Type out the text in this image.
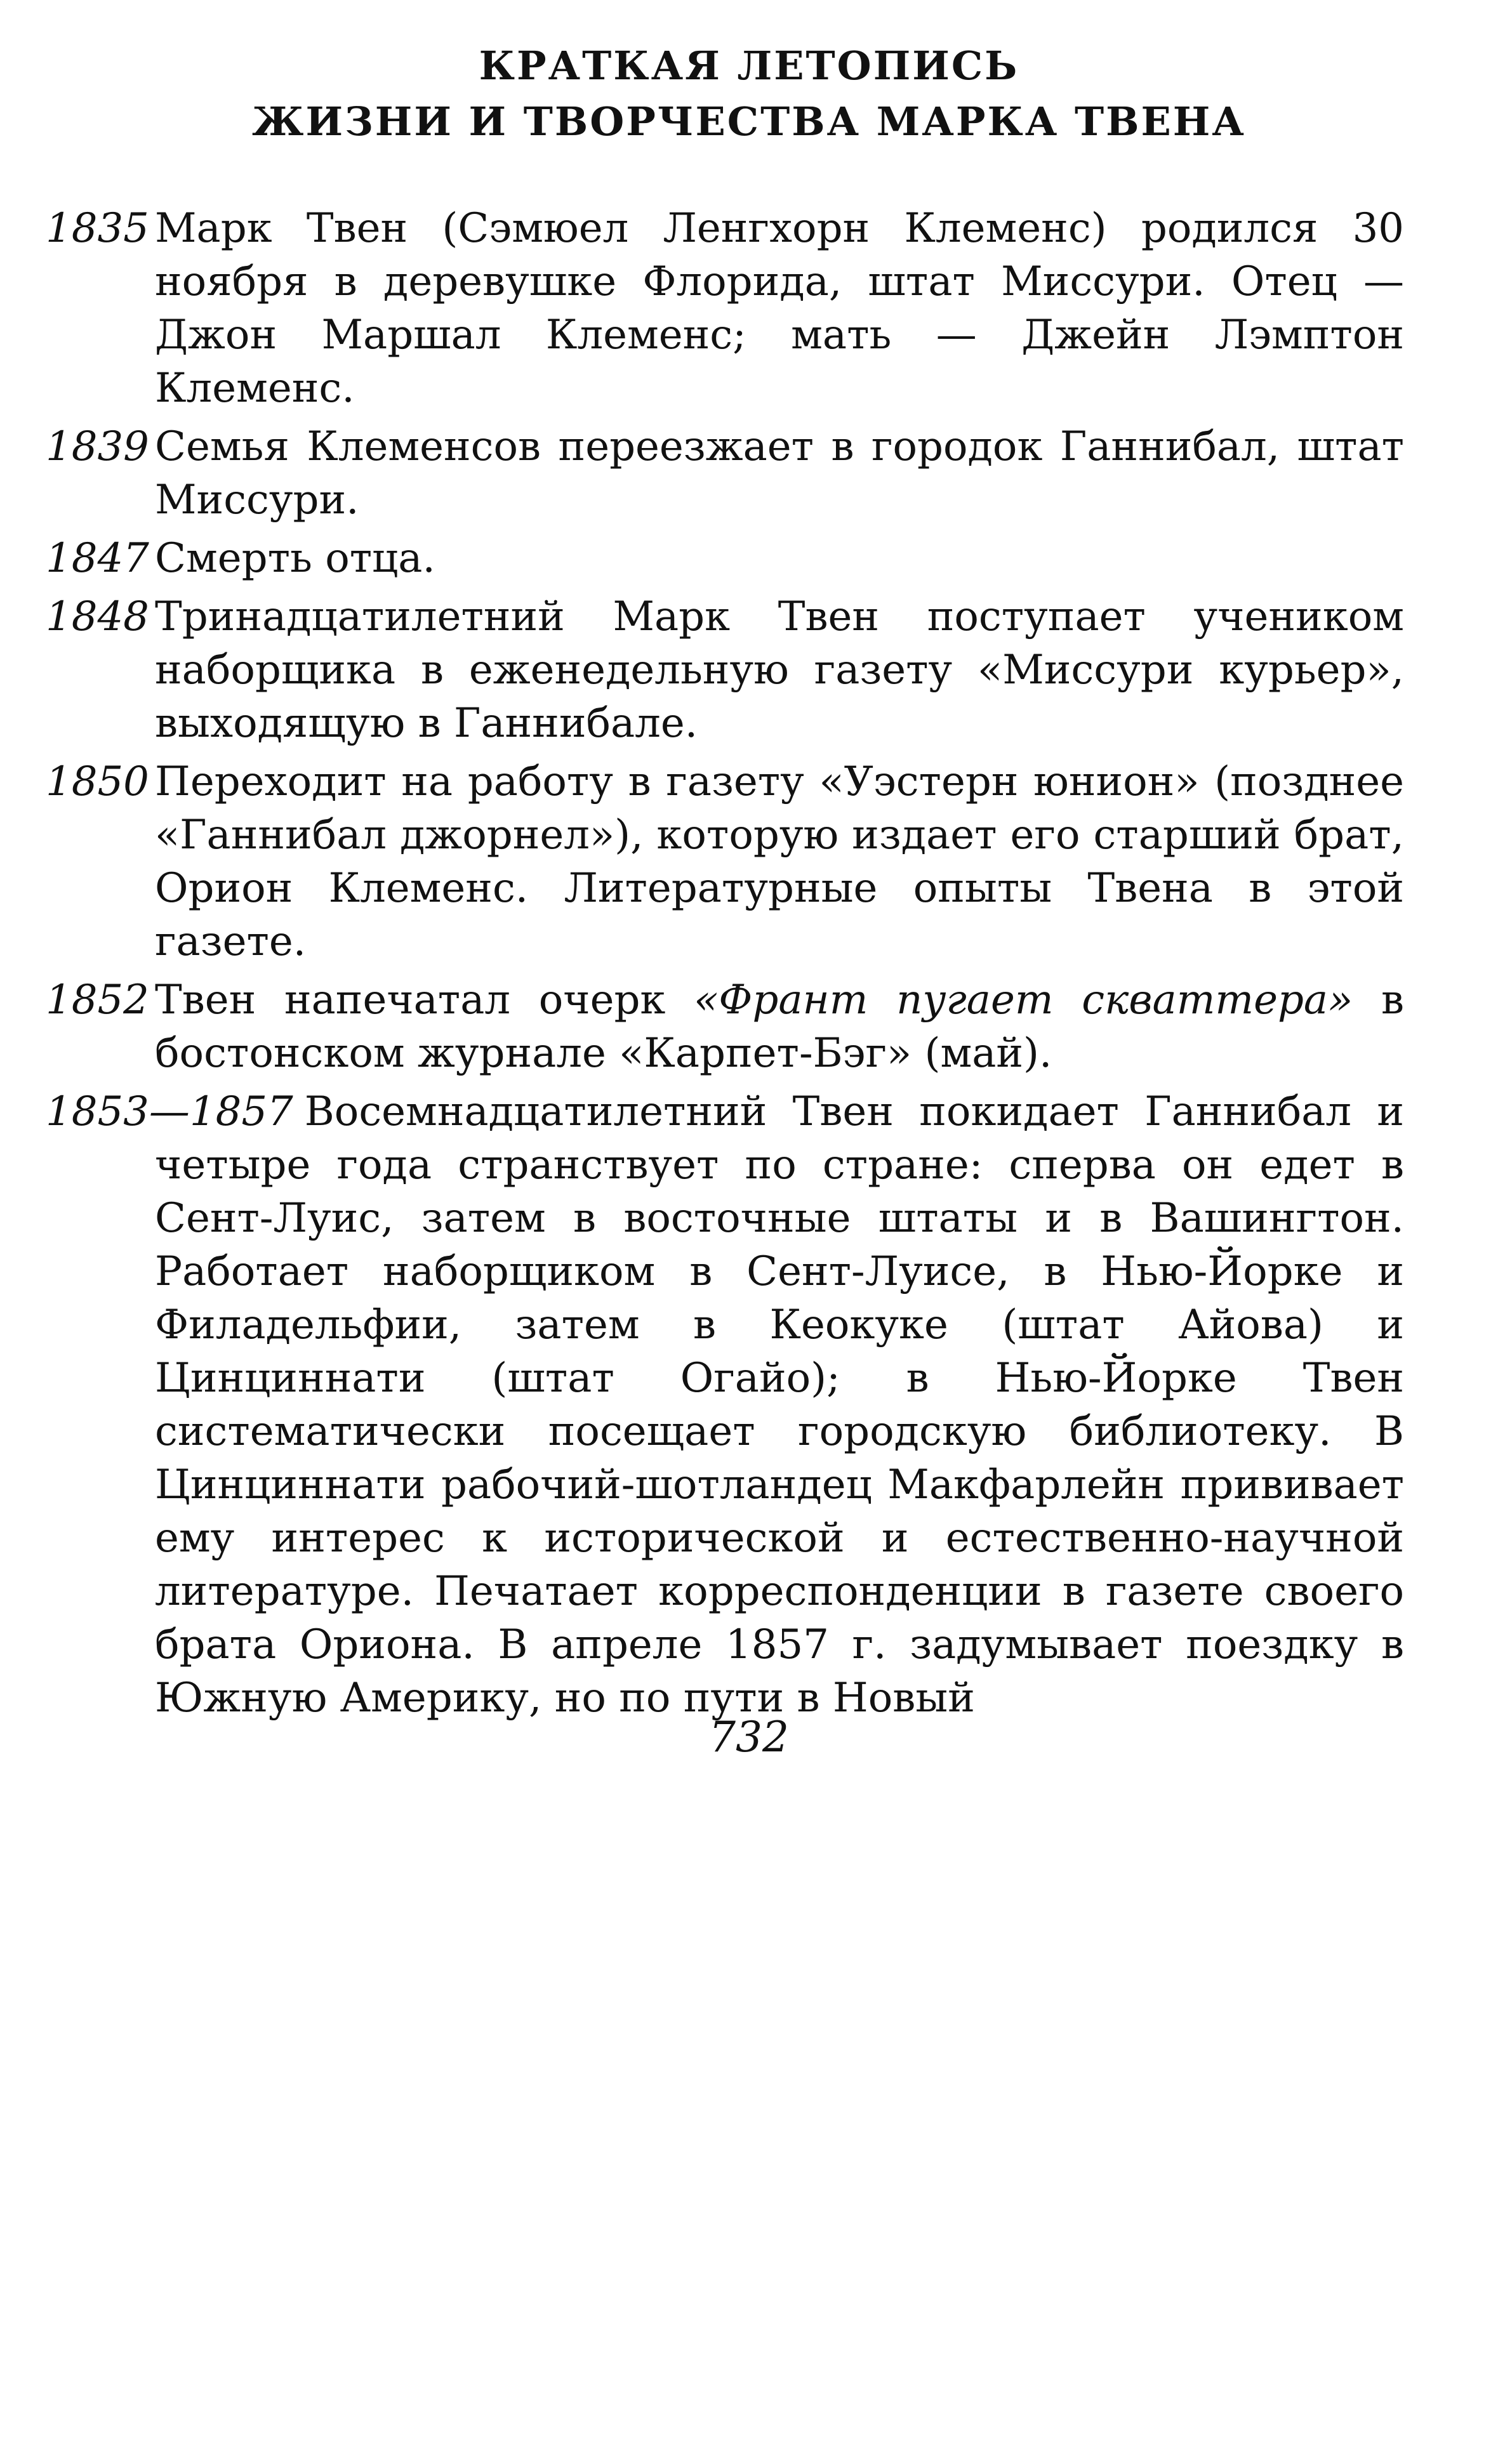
КРАТКАЯ ЛЕТОПИСЬ
ЖИЗНИ И ТВОРЧЕСТВА МАРКА ТВЕНА
1835 Марк Твен (Сэмюел Ленгхорн Клеменс) родился 30 ноября в деревушке Флорида, штат Миссури. Отец — Джон Маршал Клеменс; мать — Джейн Лэмптон Клеменс.
1839 Семья Клеменсов переезжает в городок Ганнибал, штат Миссури.
1847 Смерть отца.
1848 Тринадцатилетний Марк Твен поступает учеником наборщика в еженедельную газету «Миссури курьер», выходящую в Ганнибале.
1850 Переходит на работу в газету «Уэстерн юнион» (позднее «Ганнибал джорнел»), которую издает его старший брат, Орион Клеменс. Литературные опыты Твена в этой газете.
1852 Твен напечатал очерк «Франт пугает скваттера» в бостонском журнале «Карпет-Бэг» (май).
1853—1857 Восемнадцатилетний Твен покидает Ганнибал и четыре года странствует по стране: сперва он едет в Сент-Луис, затем в восточные штаты и в Вашингтон. Работает наборщиком в Сент-Луисе, в Нью-Йорке и Филадельфии, затем в Кеокуке (штат Айова) и Цинциннати (штат Огайо); в Нью-Йорке Твен систематически посещает городскую библиотеку. В Цинциннати рабочий-шотландец Макфарлейн прививает ему интерес к исторической и естественно-научной литературе. Печатает корреспонденции в газете своего брата Ориона. В апреле 1857 г. задумывает поездку в Южную Америку, но по пути в Новый
732
